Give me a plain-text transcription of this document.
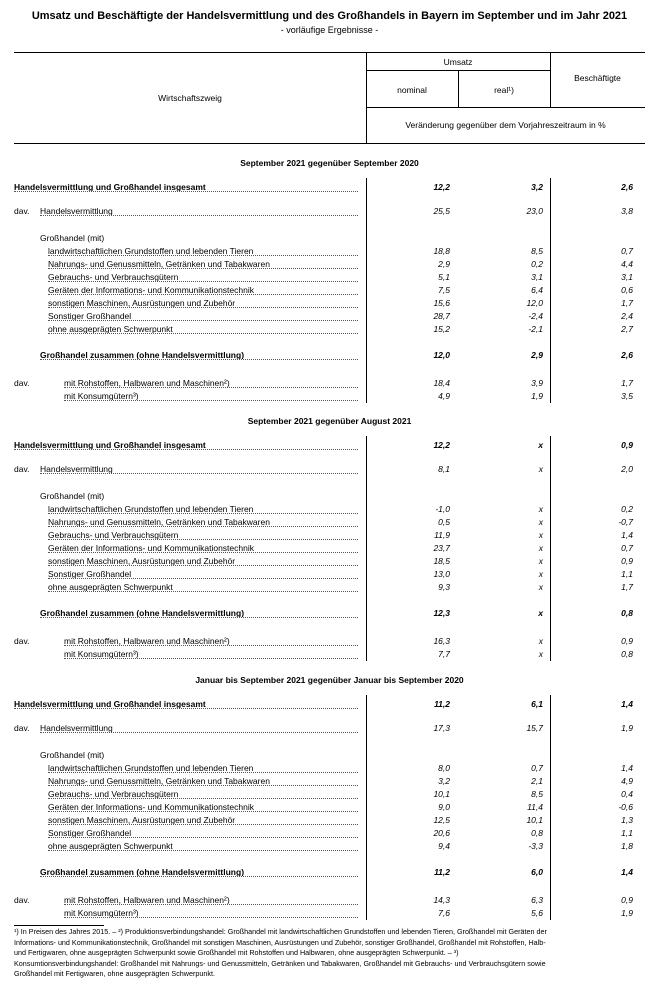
Umsatz und Beschäftigte der Handelsvermittlung und des Großhandels in Bayern im September und im Jahr 2021
- vorläufige Ergebnisse -
Wirtschaftszweig
Umsatz
nominal	real¹)
Beschäftigte
Veränderung gegenüber dem Vorjahreszeitraum in %
September 2021 gegenüber September 2020
Handelsvermittlung und Großhandel insgesamt	12,2	3,2	2,6
dav. Handelsvermittlung	25,5	23,0	3,8
Großhandel (mit)
landwirtschaftlichen Grundstoffen und lebenden Tieren	18,8	8,5	0,7
Nahrungs- und Genussmitteln, Getränken und Tabakwaren	2,9	0,2	4,4
Gebrauchs- und Verbrauchsgütern	5,1	3,1	3,1
Geräten der Informations- und Kommunikationstechnik	7,5	6,4	0,6
sonstigen Maschinen, Ausrüstungen und Zubehör	15,6	12,0	1,7
Sonstiger Großhandel	28,7	-2,4	2,4
ohne ausgeprägten Schwerpunkt	15,2	-2,1	2,7
Großhandel zusammen (ohne Handelsvermittlung)	12,0	2,9	2,6
dav.	mit Rohstoffen, Halbwaren und Maschinen²)	18,4	3,9	1,7
mit Konsumgütern³)	4,9	1,9	3,5
September 2021 gegenüber August 2021
Handelsvermittlung und Großhandel insgesamt	12,2	x	0,9
dav. Handelsvermittlung	8,1	x	2,0
Großhandel (mit)
landwirtschaftlichen Grundstoffen und lebenden Tieren	-1,0	x	0,2
Nahrungs- und Genussmitteln, Getränken und Tabakwaren	0,5	x	-0,7
Gebrauchs- und Verbrauchsgütern	11,9	x	1,4
Geräten der Informations- und Kommunikationstechnik	23,7	x	0,7
sonstigen Maschinen, Ausrüstungen und Zubehör	18,5	x	0,9
Sonstiger Großhandel	13,0	x	1,1
ohne ausgeprägten Schwerpunkt	9,3	x	1,7
Großhandel zusammen (ohne Handelsvermittlung)	12,3	x	0,8
dav.	mit Rohstoffen, Halbwaren und Maschinen²)	16,3	x	0,9
mit Konsumgütern³)	7,7	x	0,8
Januar bis September 2021 gegenüber Januar bis September 2020
Handelsvermittlung und Großhandel insgesamt	11,2	6,1	1,4
dav. Handelsvermittlung	17,3	15,7	1,9
Großhandel (mit)
landwirtschaftlichen Grundstoffen und lebenden Tieren	8,0	0,7	1,4
Nahrungs- und Genussmitteln, Getränken und Tabakwaren	3,2	2,1	4,9
Gebrauchs- und Verbrauchsgütern	10,1	8,5	0,4
Geräten der Informations- und Kommunikationstechnik	9,0	11,4	-0,6
sonstigen Maschinen, Ausrüstungen und Zubehör	12,5	10,1	1,3
Sonstiger Großhandel	20,6	0,8	1,1
ohne ausgeprägten Schwerpunkt	9,4	-3,3	1,8
Großhandel zusammen (ohne Handelsvermittlung)	11,2	6,0	1,4
dav.	mit Rohstoffen, Halbwaren und Maschinen²)	14,3	6,3	0,9
mit Konsumgütern³)	7,6	5,6	1,9
¹) In Preisen des Jahres 2015. – ²) Produktionsverbindungshandel: Großhandel mit landwirtschaftlichen Grundstoffen und lebenden Tieren, Großhandel mit Geräten der
Informations- und Kommunikationstechnik, Großhandel mit sonstigen Maschinen, Ausrüstungen und Zubehör, sonstiger Großhandel, Großhandel mit Rohstoffen, Halb-
und Fertigwaren, ohne ausgeprägten Schwerpunkt sowie Großhandel mit Rohstoffen und Halbwaren, ohne ausgeprägten Schwerpunkt. – ³)
Konsumtionsverbindungshandel: Großhandel mit Nahrungs- und Genussmitteln, Getränken und Tabakwaren, Großhandel mit Gebrauchs- und Verbrauchsgütern sowie
Großhandel mit Fertigwaren, ohne ausgeprägten Schwerpunkt.
